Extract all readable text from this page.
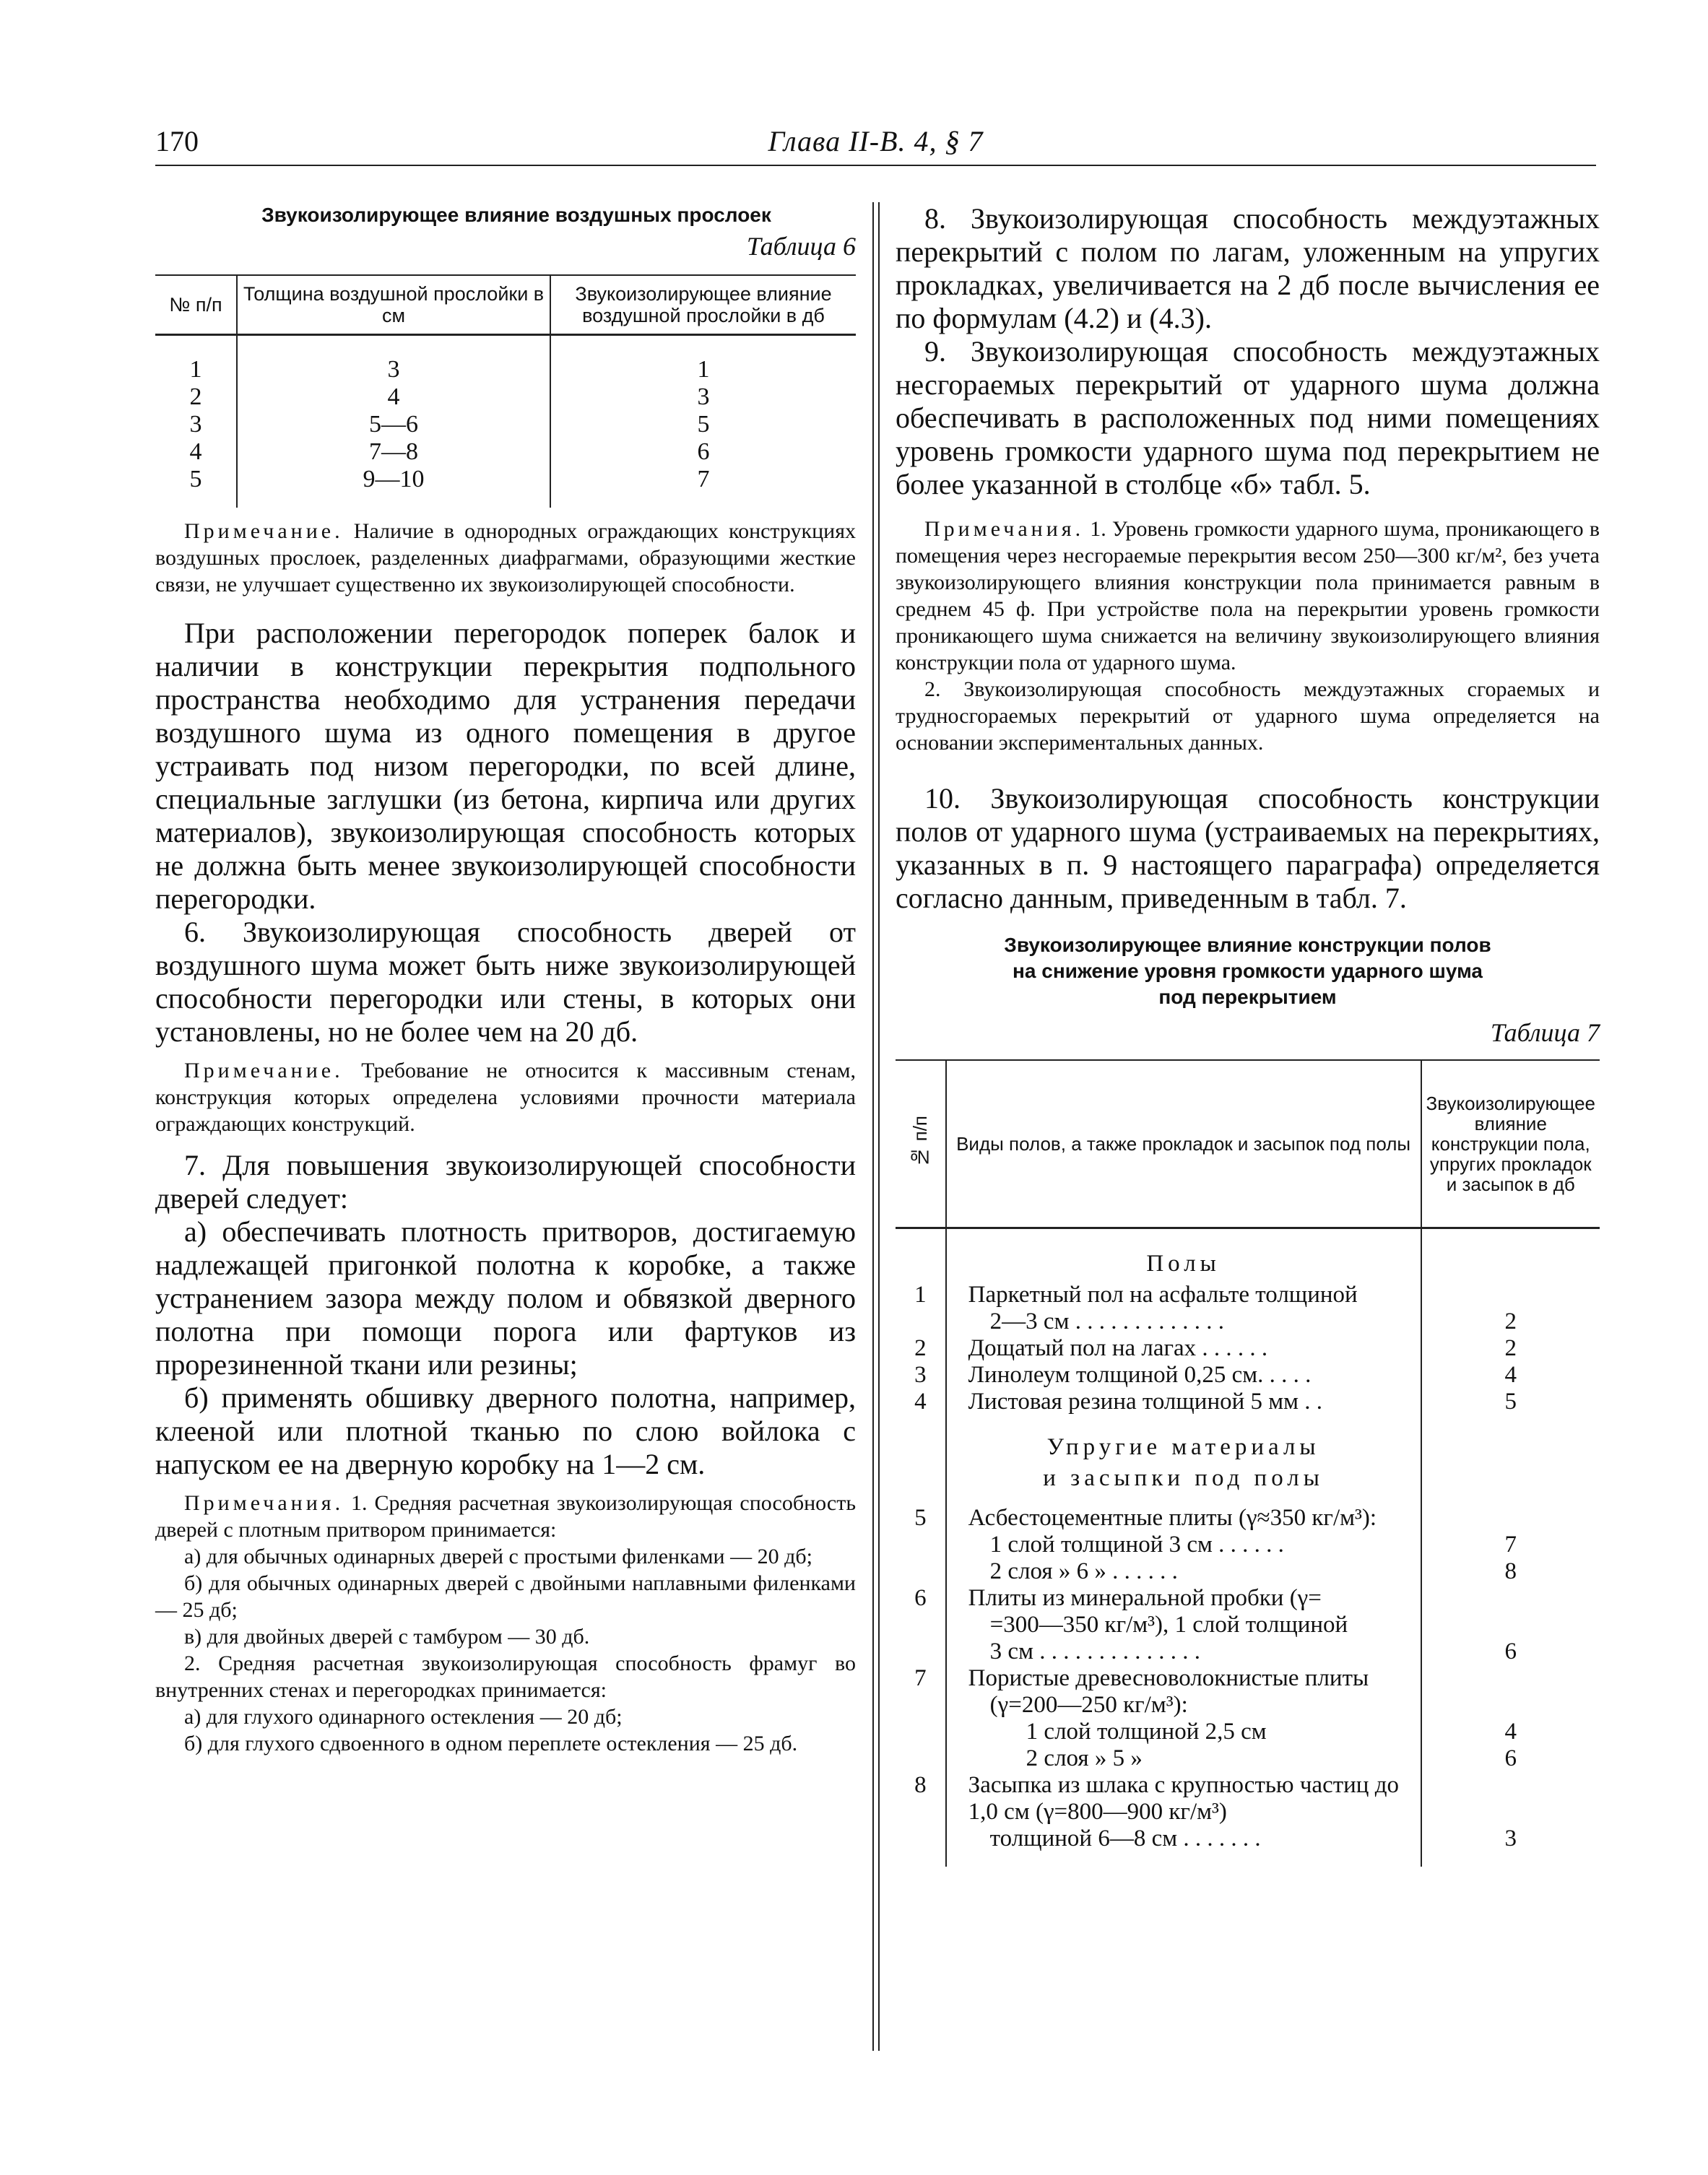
170	Глава II-В. 4, § 7
Звукоизолирующее влияние воздушных прослоек
Таблица 6
№ п/п	Толщина воздушной прослойки в см	Звукоизолирующее влияние воздушной прослойки в дб

1	3	1
2	4	3
3	5—6	5
4	7—8	6
5	9—10	7

Примечание. Наличие в однородных ограждающих конструкциях воздушных прослоек, разделенных диафрагмами, образующими жесткие связи, не улучшает существенно их звукоизолирующей способности.

При расположении перегородок поперек балок и наличии в конструкции перекрытия подпольного пространства необходимо для устранения передачи воздушного шума из одного помещения в другое устраивать под низом перегородки, по всей длине, специальные заглушки (из бетона, кирпича или других материалов), звукоизолирующая способность которых не должна быть менее звукоизолирующей способности перегородки.

6. Звукоизолирующая способность дверей от воздушного шума может быть ниже звукоизолирующей способности перегородки или стены, в которых они установлены, но не более чем на 20 дб.

Примечание. Требование не относится к массивным стенам, конструкция которых определена условиями прочности материала ограждающих конструкций.

7. Для повышения звукоизолирующей способности дверей следует:

а) обеспечивать плотность притворов, достигаемую надлежащей пригонкой полотна к коробке, а также устранением зазора между полом и обвязкой дверного полотна при помощи порога или фартуков из прорезиненной ткани или резины;

б) применять обшивку дверного полотна, например, клееной или плотной тканью по слою войлока с напуском ее на дверную коробку на 1—2 см.

Примечания. 1. Средняя расчетная звукоизолирующая способность дверей с плотным притвором принимается:

а) для обычных одинарных дверей с простыми филенками — 20 дб;

б) для обычных одинарных дверей с двойными наплавными филенками — 25 дб;

в) для двойных дверей с тамбуром — 30 дб.

2. Средняя расчетная звукоизолирующая способность фрамуг во внутренних стенах и перегородках принимается:

а) для глухого одинарного остекления — 20 дб;

б) для глухого сдвоенного в одном переплете остекления — 25 дб.

8. Звукоизолирующая способность междуэтажных перекрытий с полом по лагам, уложенным на упругих прокладках, увеличивается на 2 дб после вычисления ее по формулам (4.2) и (4.3).

9. Звукоизолирующая способность междуэтажных несгораемых перекрытий от ударного шума должна обеспечивать в расположенных под ними помещениях уровень громкости ударного шума под перекрытием не более указанной в столбце «б» табл. 5.

Примечания. 1. Уровень громкости ударного шума, проникающего в помещения через несгораемые перекрытия весом 250—300 кг/м², без учета звукоизолирующего влияния конструкции пола принимается равным в среднем 45 ф. При устройстве пола на перекрытии уровень громкости проникающего шума снижается на величину звукоизолирующего влияния конструкции пола от ударного шума.

2. Звукоизолирующая способность междуэтажных сгораемых и трудносгораемых перекрытий от ударного шума определяется на основании экспериментальных данных.

10. Звукоизолирующая способность конструкции полов от ударного шума (устраиваемых на перекрытиях, указанных в п. 9 настоящего параграфа) определяется согласно данным, приведенным в табл. 7.

Звукоизолирующее влияние конструкции полов
на снижение уровня громкости ударного шума
под перекрытием
Таблица 7
№ п/п	Виды полов, а также прокладок и засыпок под полы	Звукоизолирующее влияние конструкции пола, упругих прокладок и засыпок в дб

	Полы	
1	Паркетный пол на асфальте толщиной	
	2—3 см . . . . . . . . . . . . .	2
2	Дощатый пол на лагах . . . . . .	2
3	Линолеум толщиной 0,25 см. . . . .	4
4	Листовая резина толщиной 5 мм . .	5
	Упругие материалы	
	и засыпки под полы	
5	Асбестоцементные плиты (γ≈350 кг/м³):	
	1 слой толщиной 3 см . . . . . .	7
	2 слоя » 6 » . . . . . .	8
6	Плиты из минеральной пробки (γ=	
	=300—350 кг/м³), 1 слой толщиной	
	3 см . . . . . . . . . . . . . .	6
7	Пористые древесноволокнистые плиты	
	(γ=200—250 кг/м³):	
	1 слой толщиной 2,5 см	4
	2 слоя » 5 »	6
8	Засыпка из шлака с крупностью частиц до 1,0 см (γ=800—900 кг/м³)	
	толщиной 6—8 см . . . . . . .	3
